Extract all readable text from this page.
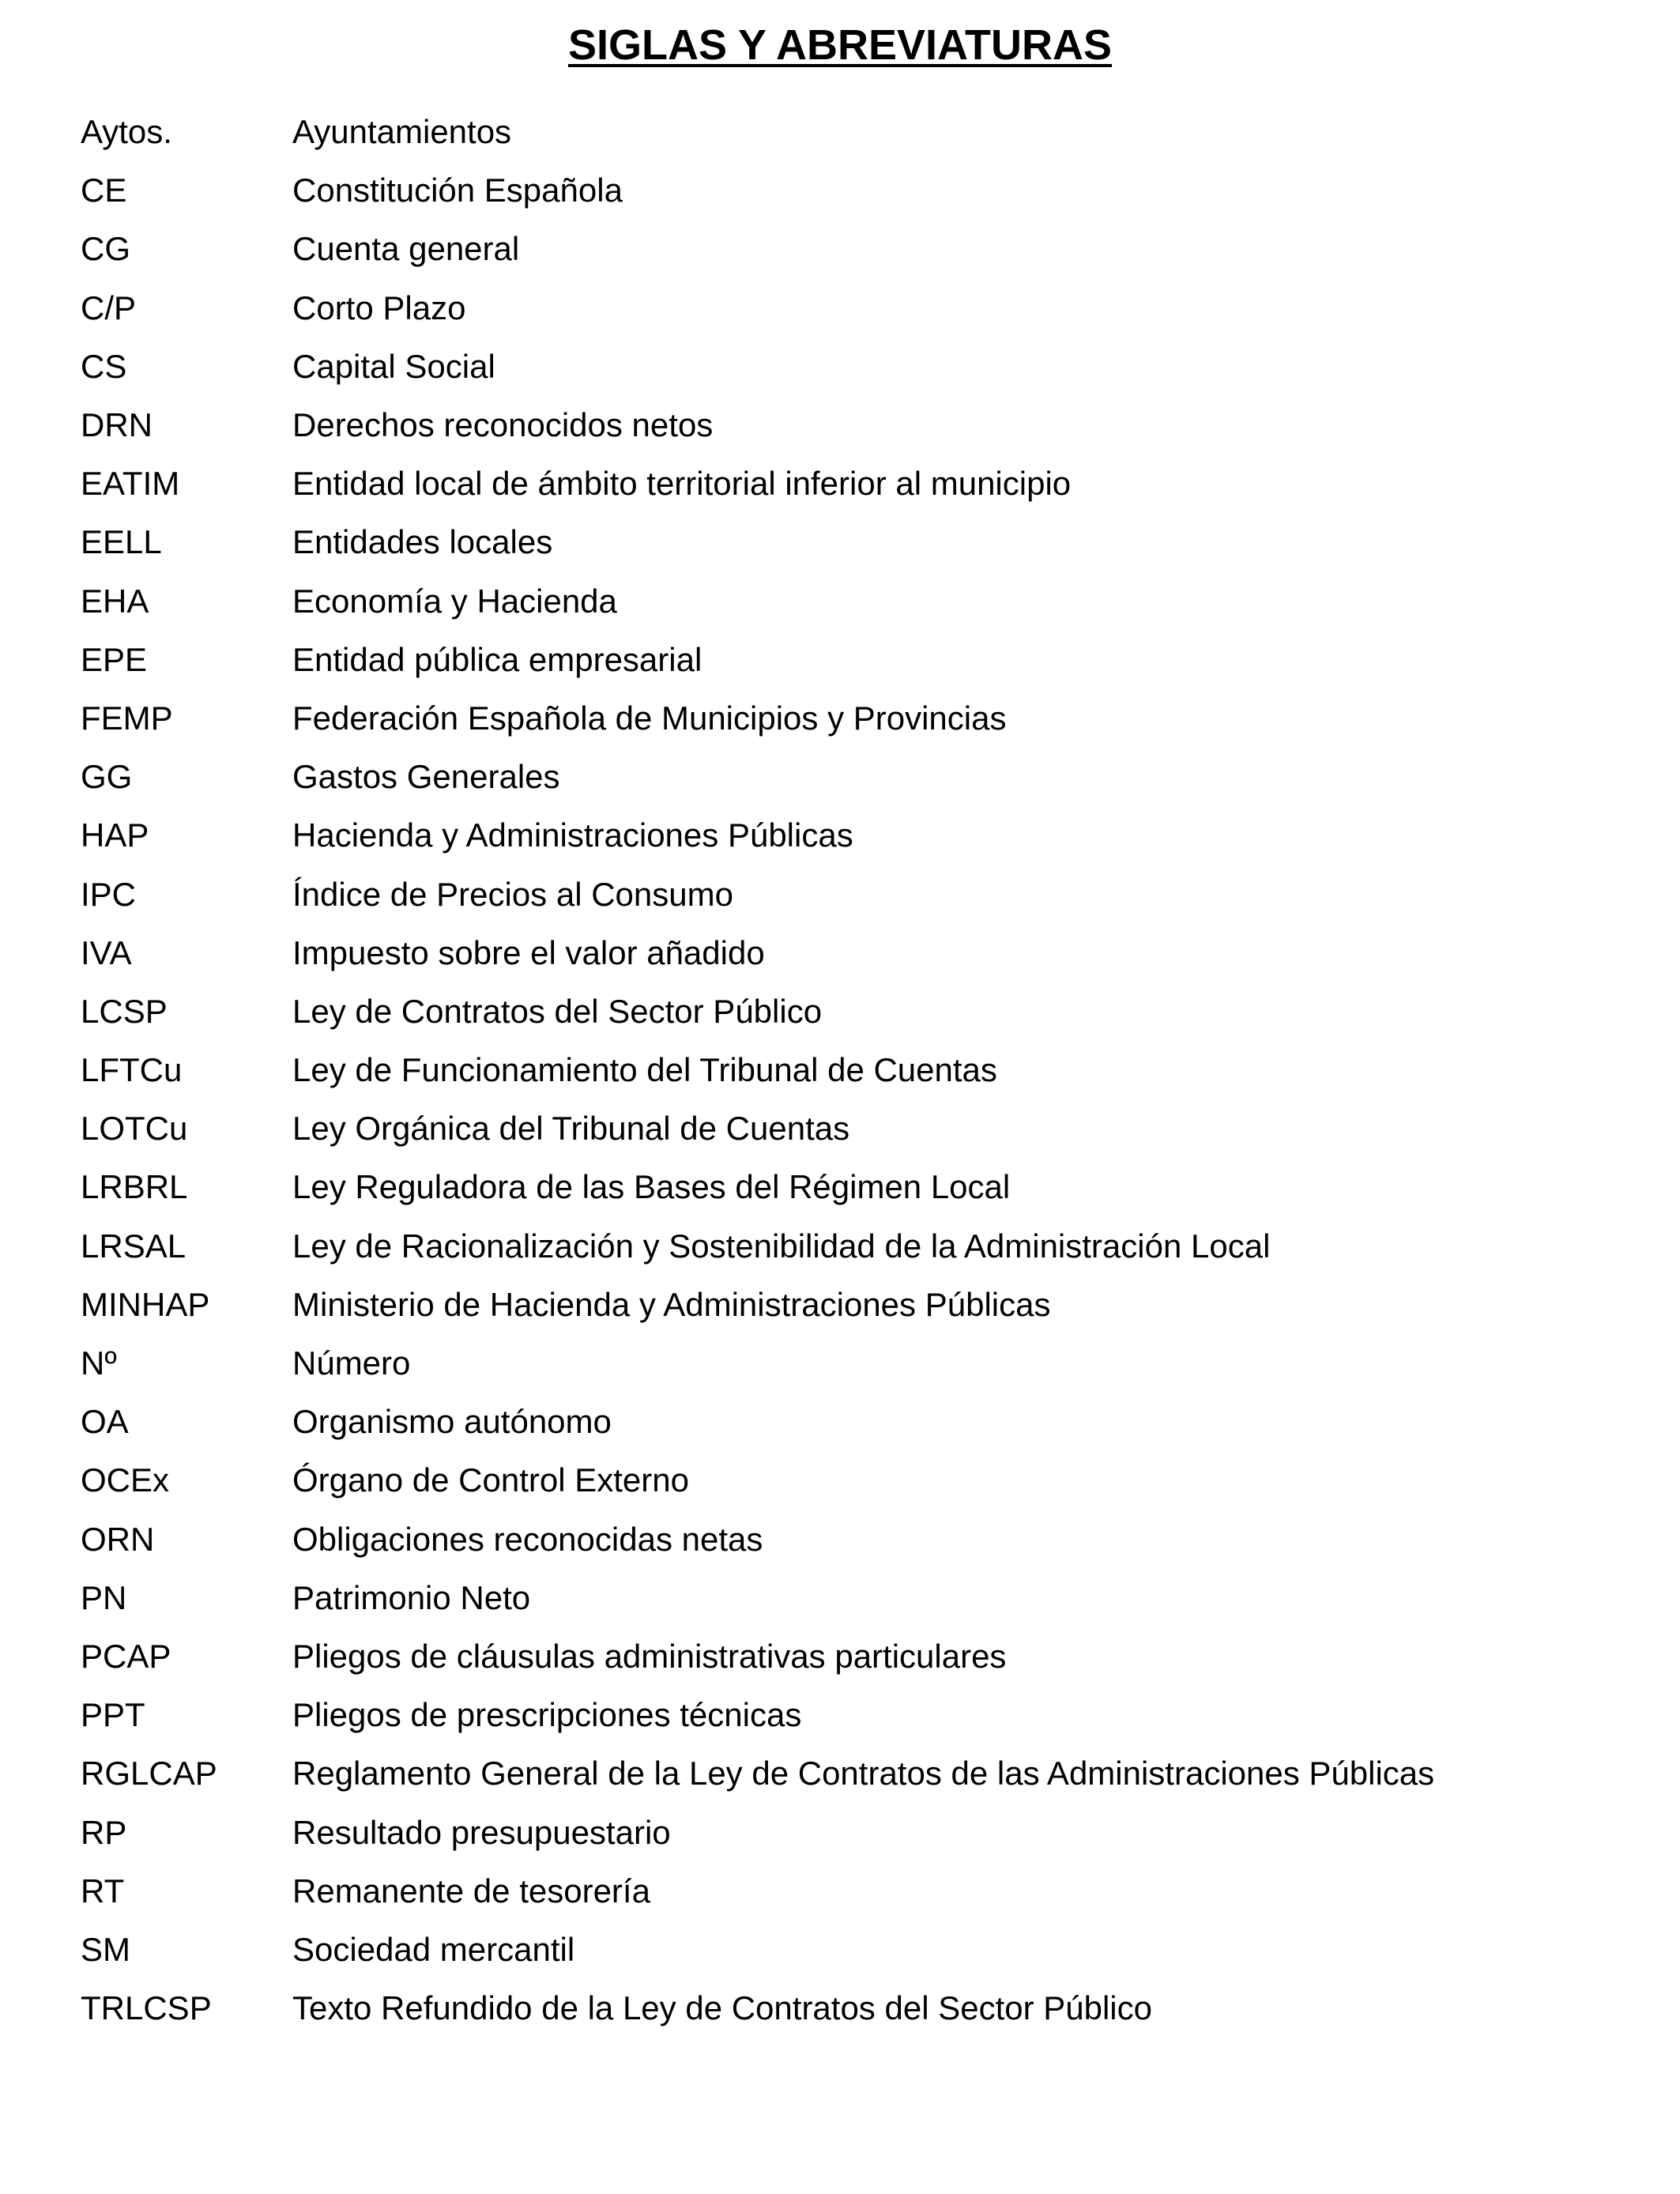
SIGLAS Y ABREVIATURAS
Aytos.	Ayuntamientos
CE	Constitución Española
CG	Cuenta general
C/P	Corto Plazo
CS	Capital Social
DRN	Derechos reconocidos netos
EATIM	Entidad local de ámbito territorial inferior al municipio
EELL	Entidades locales
EHA	Economía y Hacienda
EPE	Entidad pública empresarial
FEMP	Federación Española de Municipios y Provincias
GG	Gastos Generales
HAP	Hacienda y Administraciones Públicas
IPC	Índice de Precios al Consumo
IVA	Impuesto sobre el valor añadido
LCSP	Ley de Contratos del Sector Público
LFTCu	Ley de Funcionamiento del Tribunal de Cuentas
LOTCu	Ley Orgánica del Tribunal de Cuentas
LRBRL	Ley Reguladora de las Bases del Régimen Local
LRSAL	Ley de Racionalización y Sostenibilidad de la Administración Local
MINHAP	Ministerio de Hacienda y Administraciones Públicas
Nº	Número
OA	Organismo autónomo
OCEx	Órgano de Control Externo
ORN	Obligaciones reconocidas netas
PN	Patrimonio Neto
PCAP	Pliegos de cláusulas administrativas particulares
PPT	Pliegos de prescripciones técnicas
RGLCAP	Reglamento General de la Ley de Contratos de las Administraciones Públicas
RP	Resultado presupuestario
RT	Remanente de tesorería
SM	Sociedad mercantil
TRLCSP	Texto Refundido de la Ley de Contratos del Sector Público
